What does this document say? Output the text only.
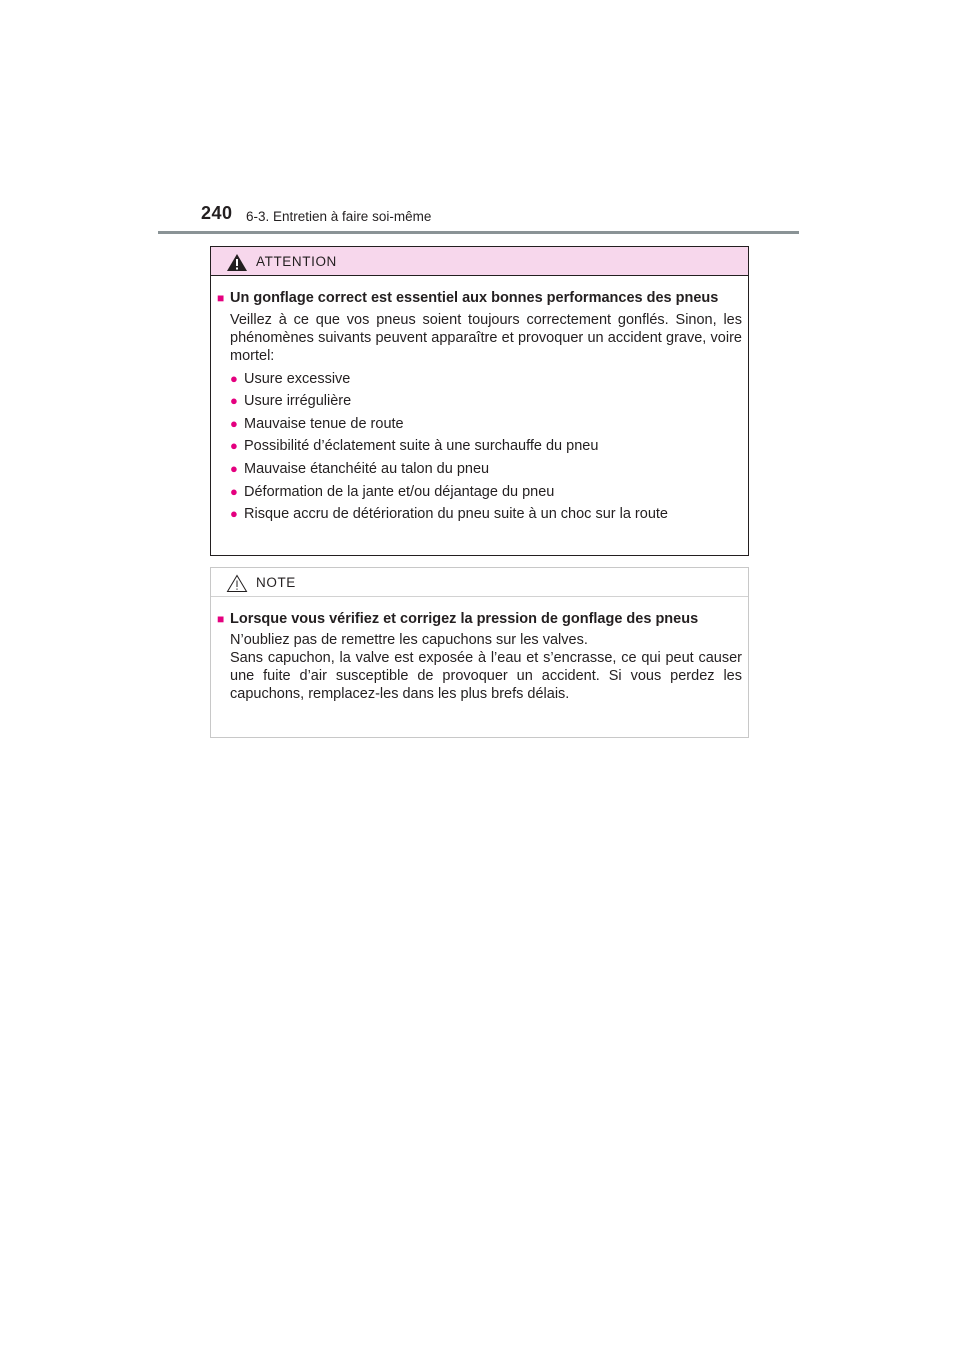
240 6-3. Entretien à faire soi-même
ATTENTION
■ Un gonflage correct est essentiel aux bonnes performances des pneus
Veillez à ce que vos pneus soient toujours correctement gonflés. Sinon, les phénomènes suivants peuvent apparaître et provoquer un accident grave, voire mortel:
● Usure excessive
● Usure irrégulière
● Mauvaise tenue de route
● Possibilité d’éclatement suite à une surchauffe du pneu
● Mauvaise étanchéité au talon du pneu
● Déformation de la jante et/ou déjantage du pneu
● Risque accru de détérioration du pneu suite à un choc sur la route
NOTE
■ Lorsque vous vérifiez et corrigez la pression de gonflage des pneus
N’oubliez pas de remettre les capuchons sur les valves.
Sans capuchon, la valve est exposée à l’eau et s’encrasse, ce qui peut causer une fuite d’air susceptible de provoquer un accident. Si vous perdez les capuchons, remplacez-les dans les plus brefs délais.
